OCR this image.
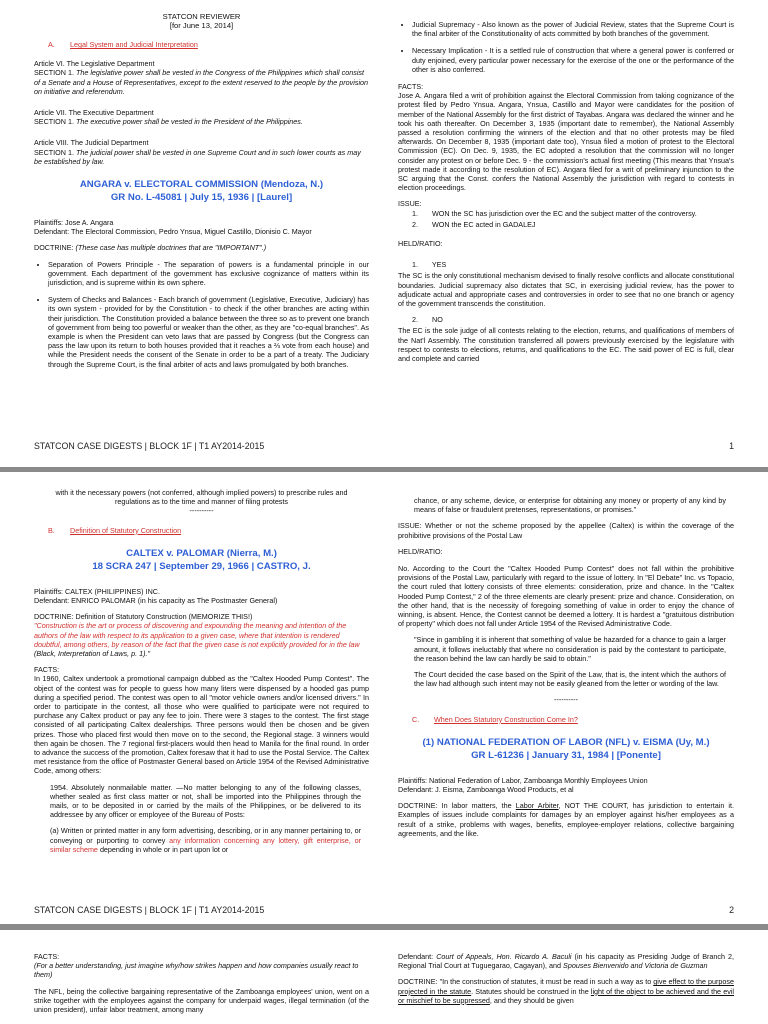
STATCON REVIEWER
[for June 13, 2014]
A. Legal System and Judicial Interpretation
Article VI. The Legislative Department
SECTION 1. The legislative power shall be vested in the Congress of the Philippines which shall consist of a Senate and a House of Representatives, except to the extent reserved to the people by the provision on initiative and referendum.
Article VII. The Executive Department
SECTION 1. The executive power shall be vested in the President of the Philippines.
Article VIII. The Judicial Department
SECTION 1. The judicial power shall be vested in one Supreme Court and in such lower courts as may be established by law.
ANGARA v. ELECTORAL COMMISSION (Mendoza, N.)
GR No. L-45081 | July 15, 1936 | [Laurel]
Plaintiffs: Jose A. Angara

Defendant: The Electoral Commission, Pedro Ynsua, Miguel Castillo, Dionisio C. Mayor

DOCTRINE: (These case has multiple doctrines that are "IMPORTANT".)

• Separation of Powers Principle - The separation of powers is a fundamental principle in our government. Each department of the government has exclusive cognizance of matters within its jurisdiction, and is supreme within its own sphere.
• System of Checks and Balances - Each branch of government (Legislative, Executive, Judiciary) has its own system - provided for by the Constitution - to check if the other branches are acting within their jurisdiction. The Constitution provided a balance between the three so as to prevent one branch of government from being too powerful or weaker than the other, as they are "co-equal branches". As example is when the President can veto laws that are passed by Congress (but the Congress can pass the law upon its return to both houses provided that it reaches a ⅔ vote from each house) and while the President needs the consent of the Senate in order to be a part of a treaty. The Judiciary through the Supreme Court, is the final arbiter of acts and laws promulgated by both branches.
• Judicial Supremacy - Also known as the power of Judicial Review, states that the Supreme Court is the final arbiter of the Constitutionality of acts committed by both branches of the government.
• Necessary Implication - It is a settled rule of construction that where a general power is conferred or duty enjoined, every particular power necessary for the exercise of the one or the performance of the other is also conferred.
FACTS:

Jose A. Angara filed a writ of prohibition against the Electoral Commission from taking cognizance of the protest filed by Pedro Ynsua. Angara, Ynsua, Castillo and Mayor were candidates for the position of member of the National Assembly for the first district of Tayabas. Angara was declared the winner and he took his oath thereafter. On December 3, 1935 (important date to remember), the National Assembly passed a resolution confirming the winners of the election and that no other protests may be filed afterwards. On December 8, 1935 (important date too), Ynsua filed a motion of protest to the Electoral Commission (EC). On Dec. 9, 1935, the EC adopted a resolution that the commission will no longer consider any protest on or before Dec. 9 - the commission's actual first meeting (This means that Ynsua's protest made it according to the resolution of EC). Angara filed for a writ of preliminary injunction to the SC arguing that the Const. confers the National Assembly the jurisdiction with regard to contests in election proceedings.

ISSUE:
1. WON the SC has jurisdiction over the EC and the subject matter of the controversy.
2. WON the EC acted in GADALEJ
HELD/RATIO:
1. YES

The SC is the only constitutional mechanism devised to finally resolve conflicts and allocate constitutional boundaries. Judicial supremacy also dictates that SC, in exercising judicial review, has the power to adjudicate actual and appropriate cases and controversies in order to see that no one branch or agency of the government transcends the constitution.

2. NO

The EC is the sole judge of all contests relating to the election, returns, and qualifications of members of the Nat'l Assembly. The constitution transferred all powers previously exercised by the legislature with respect to contests to elections, returns, and qualifications to the EC. The said power of EC is full, clear and complete and carried

STATCON CASE DIGESTS | BLOCK 1F | T1 AY2014-2015	1
with it the necessary powers (not conferred, although implied powers) to prescribe rules and regulations as to the time and manner of filing protests
----------
B. Definition of Statutory Construction
CALTEX v. PALOMAR (Nierra, M.)
18 SCRA 247 | September 29, 1966 | CASTRO, J.
Plaintiffs: CALTEX (PHILIPPINES) INC.

Defendant: ENRICO PALOMAR (in his capacity as The Postmaster General)

DOCTRINE: Definition of Statutory Construction (MEMORIZE THIS!)

"Construction is the art or process of discovering and expounding the meaning and intention of the authors of the law with respect to its application to a given case, where that intention is rendered doubtful, among others, by reason of the fact that the given case is not explicitly provided for in the law (Black, Interpretation of Laws, p. 1)."

FACTS:

In 1960, Caltex undertook a promotional campaign dubbed as the "Caltex Hooded Pump Contest". The object of the contest was for people to guess how many liters were dispensed by a hooded gas pump during a specified period. The contest was open to all "motor vehicle owners and/or licensed drivers." In order to participate in the contest, all those who were qualified to participate were not required to purchase any Caltex product or pay any fee to join. There were 3 stages to the contest. The first stage consisted of all participating Caltex dealerships. Three persons would then be chosen and be given prizes. Those who placed first would then move on to the second, the Regional stage. 3 winners would then again be chosen. The 7 regional first-placers would then head to Manila for the final round. In order to advance the success of the promotion, Caltex foresaw that it had to use the Postal Service. The Caltex met resistance from the office of Postmaster General based on Article 1954 of the Revised Administrative Code, among others:

1954. Absolutely nonmailable matter. —No matter belonging to any of the following classes, whether sealed as first class matter or not, shall be imported into the Philippines through the mails, or to be deposited in or carried by the mails of the Philippines, or be delivered to its addressee by any officer or employee of the Bureau of Posts:

(a) Written or printed matter in any form advertising, describing, or in any manner pertaining to, or conveying or purporting to convey any information concerning any lottery, gift enterprise, or similar scheme depending in whole or in part upon lot or

chance, or any scheme, device, or enterprise for obtaining any money or property of any kind by means of false or fraudulent pretenses, representations, or promises."

ISSUE: Whether or not the scheme proposed by the appellee (Caltex) is within the coverage of the prohibitive provisions of the Postal Law

HELD/RATIO:

No. According to the Court the "Caltex Hooded Pump Contest" does not fall within the prohibitive provisions of the Postal Law, particularly with regard to the issue of lottery. In "El Debate" Inc. vs Topacio, the court ruled that lottery consists of three elements: consideration, prize and chance. In the "Caltex Hooded Pump Contest," 2 of the three elements are clearly present: prize and chance. Consideration, on the other hand, that is the necessity of foregoing something of value in order to enjoy the chance of winning, is absent. Hence, the Contest cannot be deemed a lottery. It is hardest a "gratuitous distribution of property" which does not fall under Article 1954 of the Revised Administrative Code.

"Since in gambling it is inherent that something of value be hazarded for a chance to gain a larger amount, it follows ineluctably that where no consideration is paid by the contestant to participate, the reason behind the law can hardly be said to obtain."

The Court decided the case based on the Spirit of the Law, that is, the intent which the authors of the law had although such intent may not be easily gleaned from the letter or wording of the law.

----------
C. When Does Statutory Construction Come In?
(1) NATIONAL FEDERATION OF LABOR (NFL) v. EISMA (Uy, M.)
GR L-61236 | January 31, 1984 | [Ponente]
Plaintiffs: National Federation of Labor, Zamboanga Monthly Employees Union

Defendant: J. Eisma, Zamboanga Wood Products, et al

DOCTRINE: In labor matters, the Labor Arbiter, NOT THE COURT, has jurisdiction to entertain it. Examples of issues include complaints for damages by an employer against his/her employees as a result of a strike, problems with wages, benefits, employee-employer relations, collective bargaining agreements, and the like.

STATCON CASE DIGESTS | BLOCK 1F | T1 AY2014-2015	2
FACTS:

(For a better understanding, just imagine why/how strikes happen and how companies usually react to them)

The NFL, being the collective bargaining representative of the Zamboanga employees' union, went on a strike together with the employees against the company for underpaid wages, illegal termination (of the union president), unfair labor treatment, among many

Defendant: Court of Appeals, Hon. Ricardo A. Baculi (in his capacity as Presiding Judge of Branch 2, Regional Trial Court at Tuguegarao, Cagayan), and Spouses Bienvenido and Victoria de Guzman

DOCTRINE: "In the construction of statutes, it must be read in such a way as to give effect to the purpose projected in the statute. Statutes should be construed in the light of the object to be achieved and the evil or mischief to be suppressed, and they should be given
